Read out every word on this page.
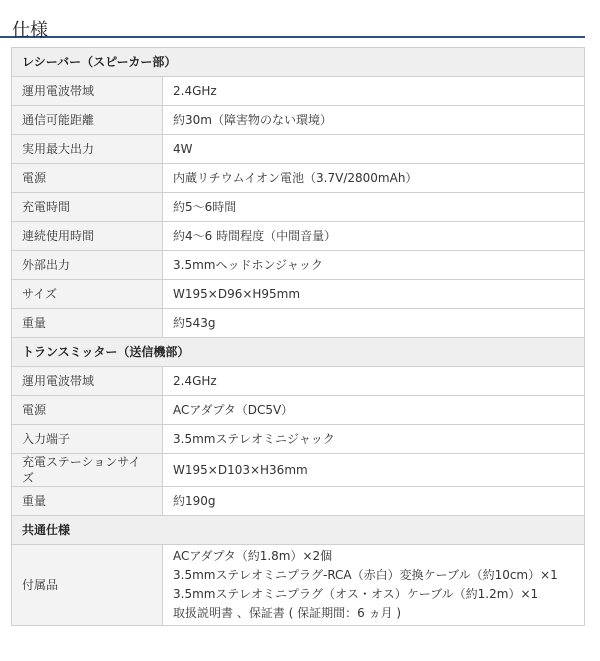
仕様
レシーバー（スピーカー部）	
運用電波帯域	2.4GHz
通信可能距離	約30m（障害物のない環境）
実用最大出力	4W
電源	内蔵リチウムイオン電池（3.7V/2800mAh）
充電時間	約5～6時間
連続使用時間	約4～6 時間程度（中間音量）
外部出力	3.5mmヘッドホンジャック
サイズ	W195×D96×H95mm
重量	約543g
トランスミッター（送信機部）	
運用電波帯域	2.4GHz
電源	ACアダプタ（DC5V）
入力端子	3.5mmステレオミニジャック
充電ステーションサイズ	W195×D103×H36mm
重量	約190g
共通仕様	
付属品	ACアダプタ（約1.8m）×2個
3.5mmステレオミニプラグ-RCA（赤白）変換ケーブル（約10cm）×1
3.5mmステレオミニプラグ（オス・オス）ケーブル（約1.2m）×1
取扱説明書 、保証書 ( 保証期間：6 ヵ月 )
